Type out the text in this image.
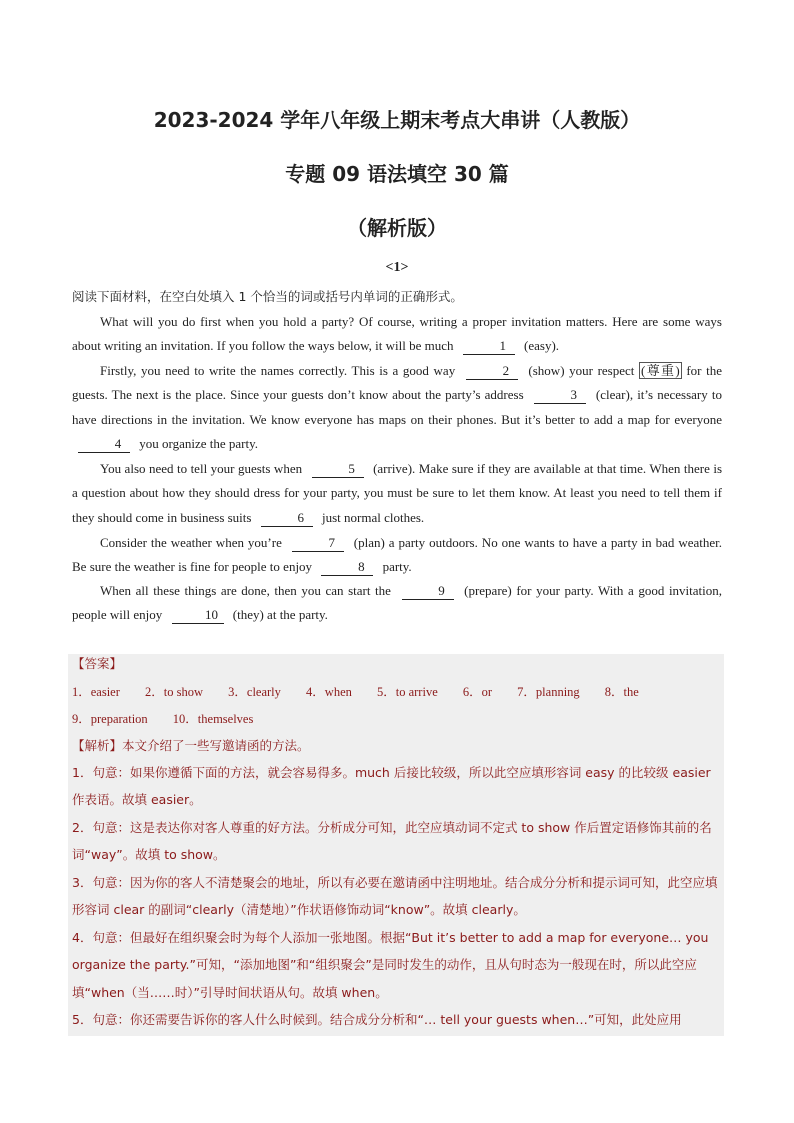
2023-2024 学年八年级上期末考点大串讲（人教版）
专题 09 语法填空 30 篇
（解析版）
<1>
阅读下面材料，在空白处填入 1 个恰当的词或括号内单词的正确形式。
What will you do first when you hold a party? Of course, writing a proper invitation matters. Here are some ways about writing an invitation. If you follow the ways below, it will be much	1 (easy).
Firstly, you need to write the names correctly. This is a good way	2 (show) your respect (尊重) for the guests. The next is the place. Since your guests don’t know about the party’s address	3 (clear), it’s necessary to have directions in the invitation. We know everyone has maps on their phones. But it’s better to add a map for everyone 4 you organize the party.
You also need to tell your guests when	5 (arrive). Make sure if they are available at that time. When there is a question about how they should dress for your party, you must be sure to let them know. At least you need to tell them if they should come in business suits	6 just normal clothes.
Consider the weather when you’re	7 (plan) a party outdoors. No one wants to have a party in bad weather. Be sure the weather is fine for people to enjoy	8 party.
When all these things are done, then you can start the	9 (prepare) for your party. With a good invitation, people will enjoy	10 (they) at the party.
【答案】
1．easier 2．to show 3．clearly 4．when 5．to arrive 6．or 7．planning 8．the
9．preparation 10．themselves
【解析】本文介绍了一些写邀请函的方法。
1．句意：如果你遵循下面的方法，就会容易得多。much 后接比较级，所以此空应填形容词 easy 的比较级 easier 作表语。故填 easier。
2．句意：这是表达你对客人尊重的好方法。分析成分可知，此空应填动词不定式 to show 作后置定语修饰其前的名词“way”。故填 to show。
3．句意：因为你的客人不清楚聚会的地址，所以有必要在邀请函中注明地址。结合成分分析和提示词可知，此空应填形容词 clear 的副词“clearly（清楚地）”作状语修饰动词“know”。故填 clearly。
4．句意：但最好在组织聚会时为每个人添加一张地图。根据“But it’s better to add a map for everyone… you organize the party.”可知，“添加地图”和“组织聚会”是同时发生的动作，且从句时态为一般现在时，所以此空应填“when（当……时）”引导时间状语从句。故填 when。
5．句意：你还需要告诉你的客人什么时候到。结合成分分析和“… tell your guests when…”可知，此处应用
